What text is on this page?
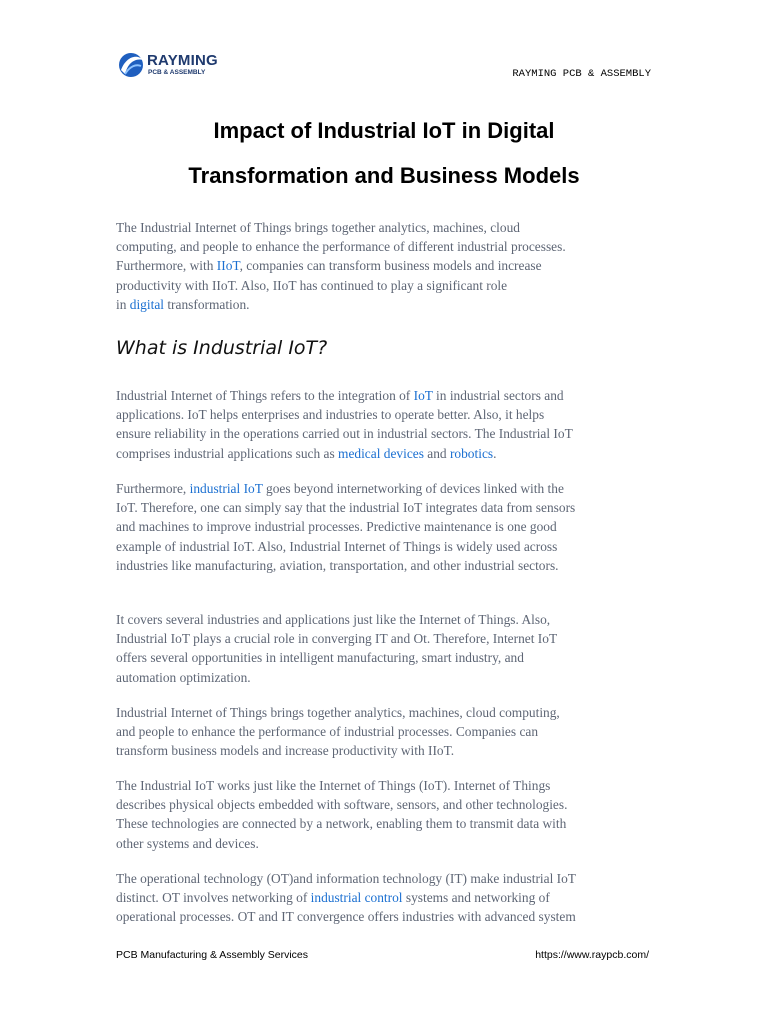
RAYMING
PCB & ASSEMBLY	RAYMING PCB & ASSEMBLY
Impact of Industrial IoT in Digital
Transformation and Business Models
The Industrial Internet of Things brings together analytics, machines, cloud
computing, and people to enhance the performance of different industrial processes.
Furthermore, with IIoT, companies can transform business models and increase
productivity with IIoT. Also, IIoT has continued to play a significant role
in digital transformation.
What is Industrial IoT?
Industrial Internet of Things refers to the integration of IoT in industrial sectors and
applications. IoT helps enterprises and industries to operate better. Also, it helps
ensure reliability in the operations carried out in industrial sectors. The Industrial IoT
comprises industrial applications such as medical devices and robotics.
Furthermore, industrial IoT goes beyond internetworking of devices linked with the
IoT. Therefore, one can simply say that the industrial IoT integrates data from sensors
and machines to improve industrial processes. Predictive maintenance is one good
example of industrial IoT. Also, Industrial Internet of Things is widely used across
industries like manufacturing, aviation, transportation, and other industrial sectors.
It covers several industries and applications just like the Internet of Things. Also,
Industrial IoT plays a crucial role in converging IT and Ot. Therefore, Internet IoT
offers several opportunities in intelligent manufacturing, smart industry, and
automation optimization.
Industrial Internet of Things brings together analytics, machines, cloud computing,
and people to enhance the performance of industrial processes. Companies can
transform business models and increase productivity with IIoT.
The Industrial IoT works just like the Internet of Things (IoT). Internet of Things
describes physical objects embedded with software, sensors, and other technologies.
These technologies are connected by a network, enabling them to transmit data with
other systems and devices.
The operational technology (OT)and information technology (IT) make industrial IoT
distinct. OT involves networking of industrial control systems and networking of
operational processes. OT and IT convergence offers industries with advanced system
PCB Manufacturing & Assembly Services	https://www.raypcb.com/
